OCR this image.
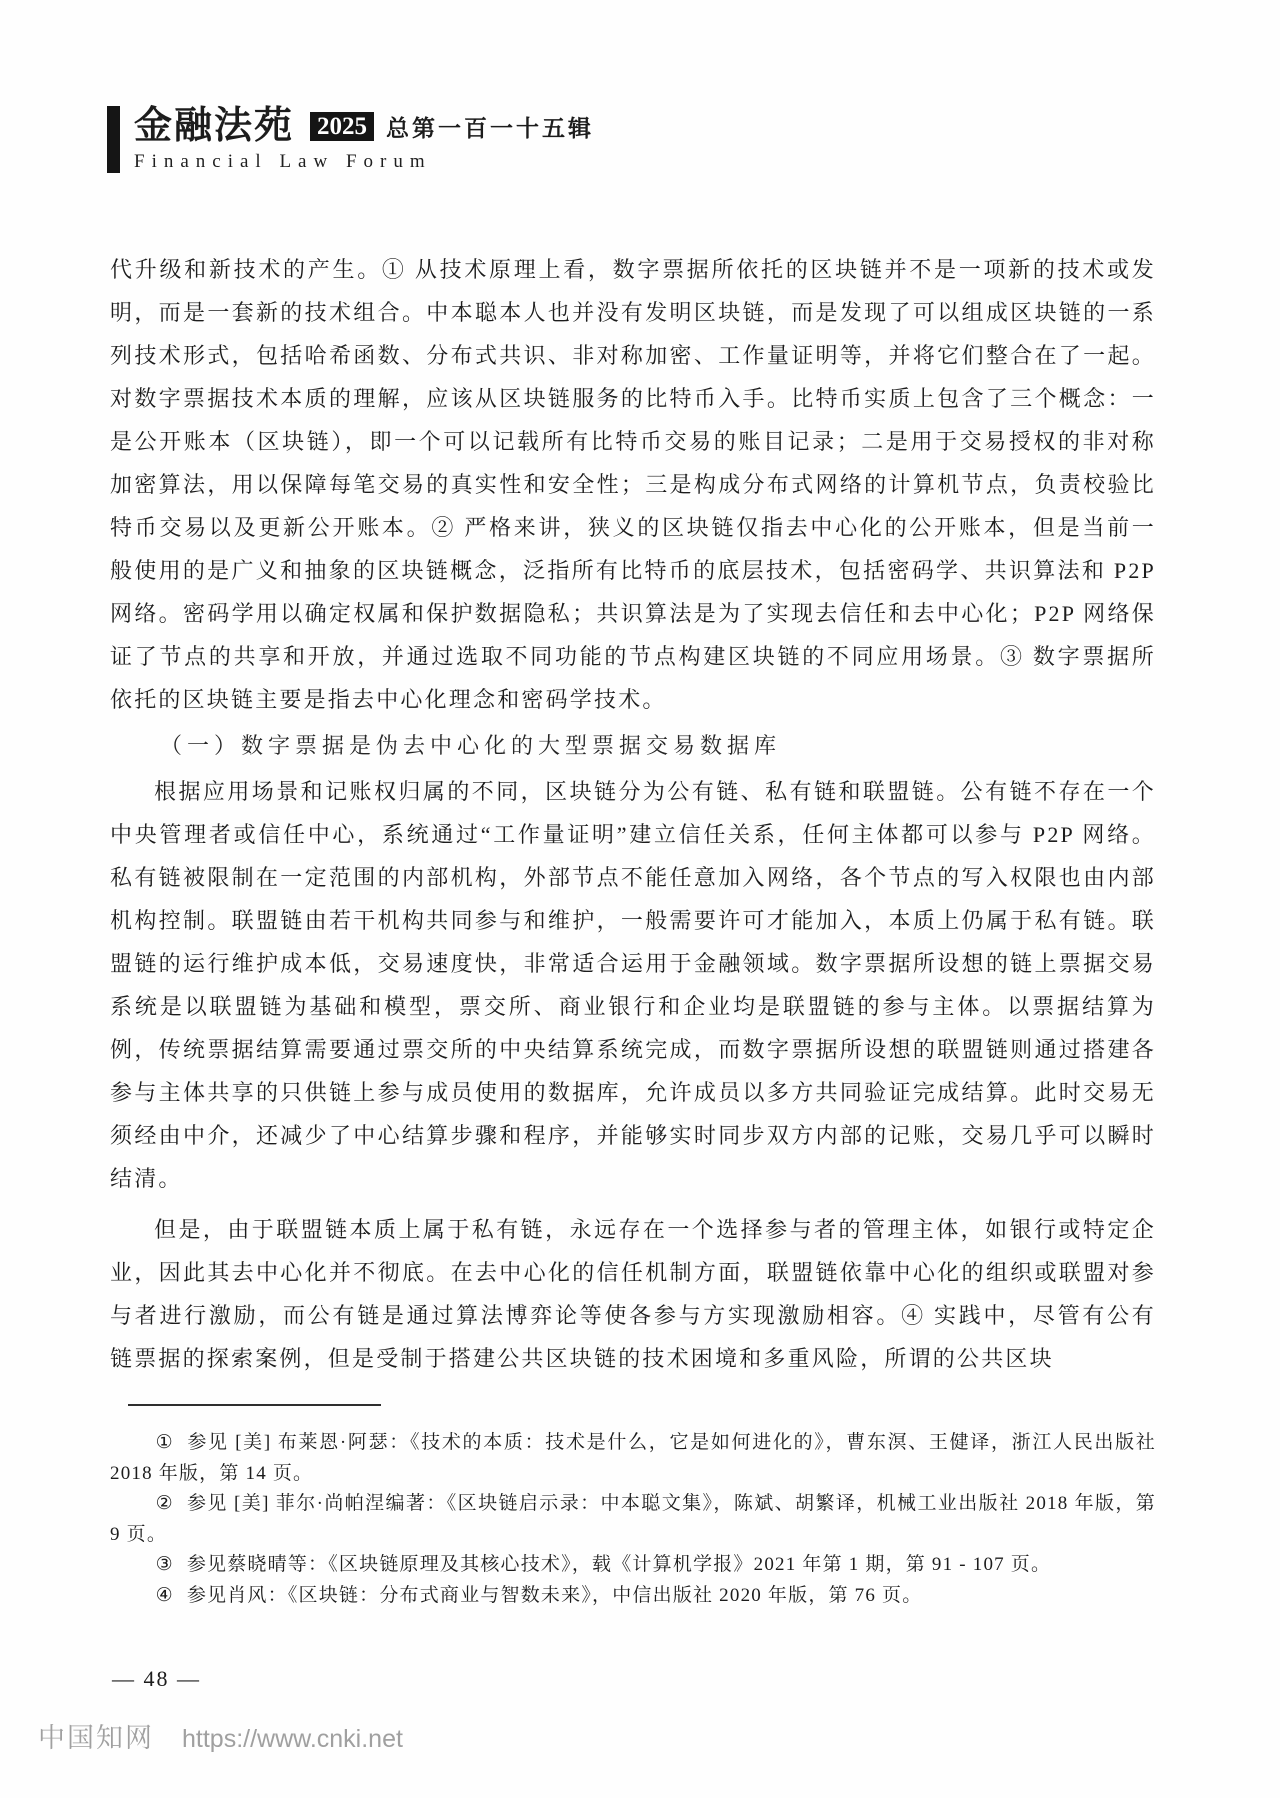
金融法苑 2025 总第一百一十五辑
Financial Law Forum

代升级和新技术的产生。① 从技术原理上看，数字票据所依托的区块链并不是一项新的技术或发明，而是一套新的技术组合。中本聪本人也并没有发明区块链，而是发现了可以组成区块链的一系列技术形式，包括哈希函数、分布式共识、非对称加密、工作量证明等，并将它们整合在了一起。对数字票据技术本质的理解，应该从区块链服务的比特币入手。比特币实质上包含了三个概念：一是公开账本（区块链），即一个可以记载所有比特币交易的账目记录；二是用于交易授权的非对称加密算法，用以保障每笔交易的真实性和安全性；三是构成分布式网络的计算机节点，负责校验比特币交易以及更新公开账本。② 严格来讲，狭义的区块链仅指去中心化的公开账本，但是当前一般使用的是广义和抽象的区块链概念，泛指所有比特币的底层技术，包括密码学、共识算法和 P2P 网络。密码学用以确定权属和保护数据隐私；共识算法是为了实现去信任和去中心化；P2P 网络保证了节点的共享和开放，并通过选取不同功能的节点构建区块链的不同应用场景。③ 数字票据所依托的区块链主要是指去中心化理念和密码学技术。

（一）数字票据是伪去中心化的大型票据交易数据库

根据应用场景和记账权归属的不同，区块链分为公有链、私有链和联盟链。公有链不存在一个中央管理者或信任中心，系统通过“工作量证明”建立信任关系，任何主体都可以参与 P2P 网络。私有链被限制在一定范围的内部机构，外部节点不能任意加入网络，各个节点的写入权限也由内部机构控制。联盟链由若干机构共同参与和维护，一般需要许可才能加入，本质上仍属于私有链。联盟链的运行维护成本低，交易速度快，非常适合运用于金融领域。数字票据所设想的链上票据交易系统是以联盟链为基础和模型，票交所、商业银行和企业均是联盟链的参与主体。以票据结算为例，传统票据结算需要通过票交所的中央结算系统完成，而数字票据所设想的联盟链则通过搭建各参与主体共享的只供链上参与成员使用的数据库，允许成员以多方共同验证完成结算。此时交易无须经由中介，还减少了中心结算步骤和程序，并能够实时同步双方内部的记账，交易几乎可以瞬时结清。

但是，由于联盟链本质上属于私有链，永远存在一个选择参与者的管理主体，如银行或特定企业，因此其去中心化并不彻底。在去中心化的信任机制方面，联盟链依靠中心化的组织或联盟对参与者进行激励，而公有链是通过算法博弈论等使各参与方实现激励相容。④ 实践中，尽管有公有链票据的探索案例，但是受制于搭建公共区块链的技术困境和多重风险，所谓的公共区块

① 参见 [美] 布莱恩·阿瑟：《技术的本质：技术是什么，它是如何进化的》，曹东溟、王健译，浙江人民出版社 2018 年版，第 14 页。

② 参见 [美] 菲尔·尚帕涅编著：《区块链启示录：中本聪文集》，陈斌、胡繁译，机械工业出版社 2018 年版，第 9 页。

③ 参见蔡晓晴等：《区块链原理及其核心技术》，载《计算机学报》2021 年第 1 期，第 91 - 107 页。

④ 参见肖风：《区块链：分布式商业与智数未来》，中信出版社 2020 年版，第 76 页。

— 48 —
中国知网 https://www.cnki.net
